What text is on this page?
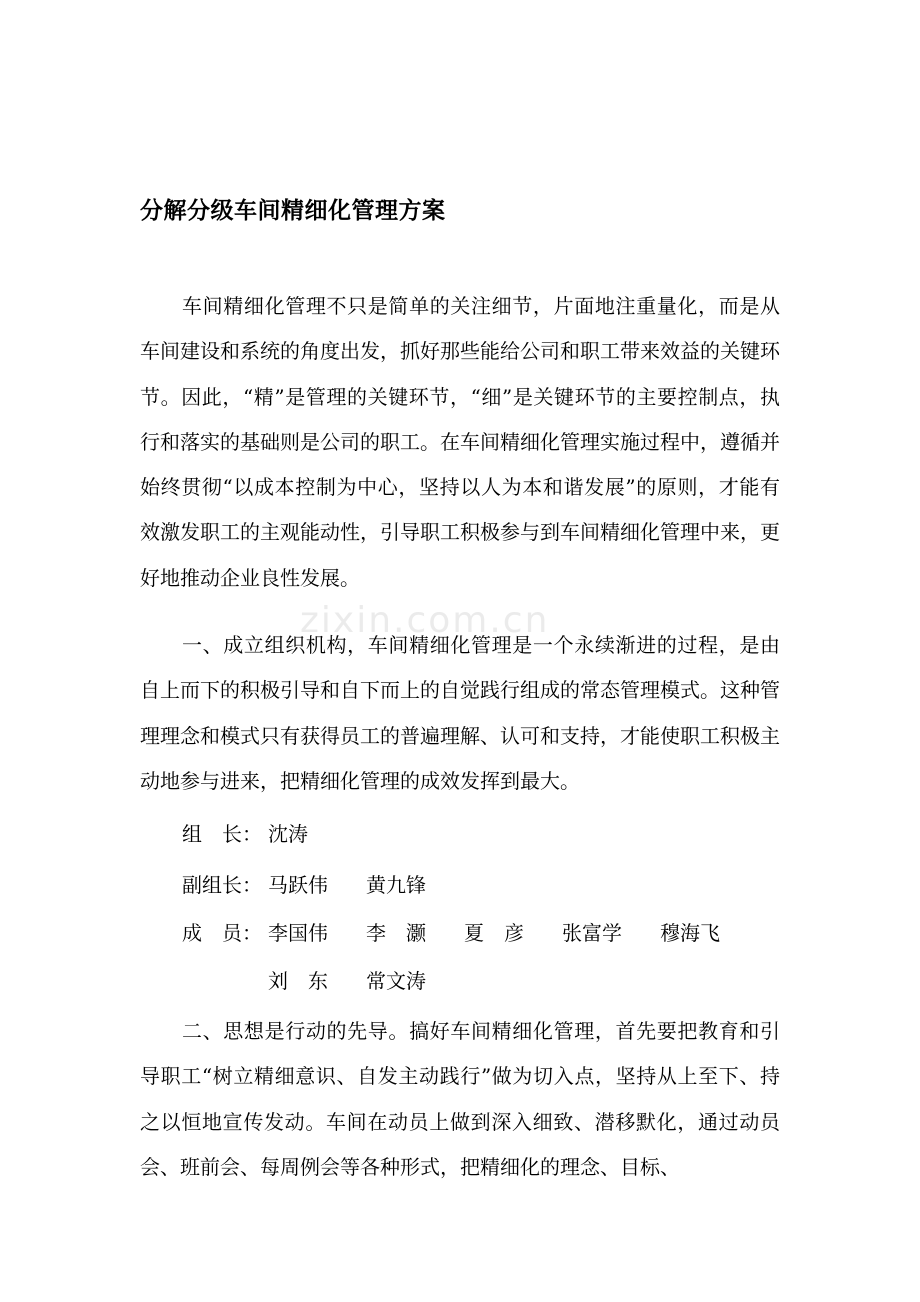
分解分级车间精细化管理方案

车间精细化管理不只是简单的关注细节，片面地注重量化，而是从车间建设和系统的角度出发，抓好那些能给公司和职工带来效益的关键环节。因此，“精”是管理的关键环节，“细”是关键环节的主要控制点，执行和落实的基础则是公司的职工。在车间精细化管理实施过程中，遵循并始终贯彻“以成本控制为中心，坚持以人为本和谐发展”的原则，才能有效激发职工的主观能动性，引导职工积极参与到车间精细化管理中来，更好地推动企业良性发展。

一、成立组织机构，车间精细化管理是一个永续渐进的过程，是由自上而下的积极引导和自下而上的自觉践行组成的常态管理模式。这种管理理念和模式只有获得员工的普遍理解、认可和支持，才能使职工积极主动地参与进来，把精细化管理的成效发挥到最大。

组　长： 沈涛
副组长： 马跃伟 黄九锋
成　员： 李国伟 李　灏 夏　彦 张富学 穆海飞
刘　东 常文涛

二、思想是行动的先导。搞好车间精细化管理，首先要把教育和引导职工“树立精细意识、自发主动践行”做为切入点，坚持从上至下、持之以恒地宣传发动。车间在动员上做到深入细致、潜移默化，通过动员会、班前会、每周例会等各种形式，把精细化的理念、目标、

zixin.com.cn
